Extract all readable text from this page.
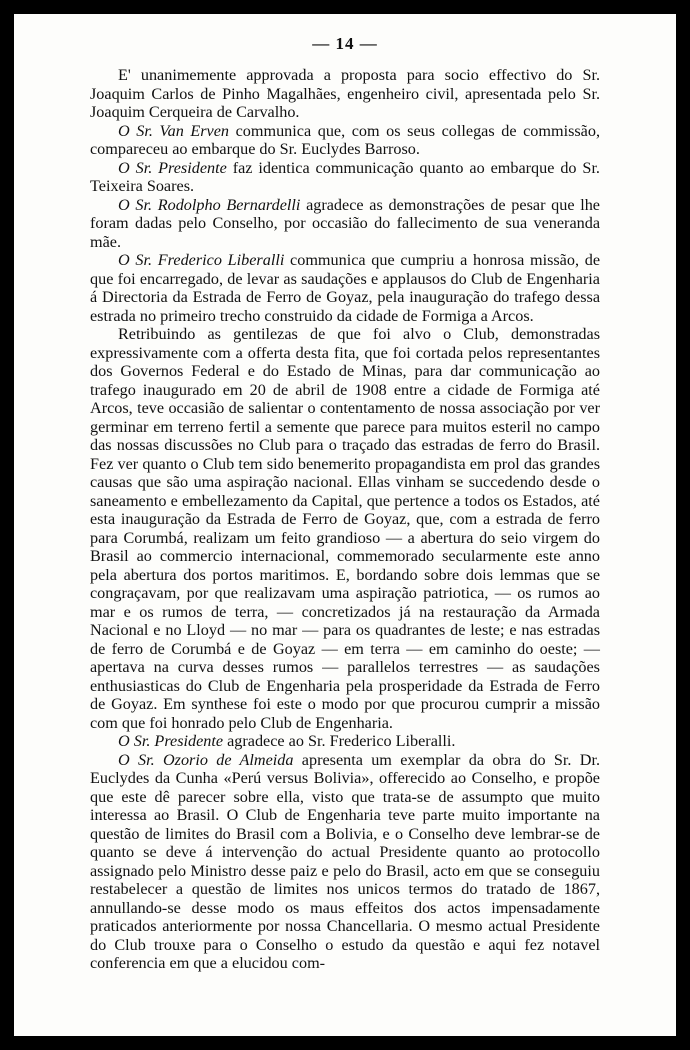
— 14 —

E' unanimemente approvada a proposta para socio effectivo do Sr. Joaquim Carlos de Pinho Magalhães, engenheiro civil, apresentada pelo Sr. Joaquim Cerqueira de Carvalho.

O Sr. Van Erven communica que, com os seus collegas de commissão, compareceu ao embarque do Sr. Euclydes Barroso.

O Sr. Presidente faz identica communicação quanto ao embarque do Sr. Teixeira Soares.

O Sr. Rodolpho Bernardelli agradece as demonstrações de pesar que lhe foram dadas pelo Conselho, por occasião do fallecimento de sua veneranda mãe.

O Sr. Frederico Liberalli communica que cumpriu a honrosa missão, de que foi encarregado, de levar as saudações e applausos do Club de Engenharia á Directoria da Estrada de Ferro de Goyaz, pela inauguração do trafego dessa estrada no primeiro trecho construido da cidade de Formiga a Arcos.

Retribuindo as gentilezas de que foi alvo o Club, demonstradas expressivamente com a offerta desta fita, que foi cortada pelos representantes dos Governos Federal e do Estado de Minas, para dar communicação ao trafego inaugurado em 20 de abril de 1908 entre a cidade de Formiga até Arcos, teve occasião de salientar o contentamento de nossa associação por ver germinar em terreno fertil a semente que parece para muitos esteril no campo das nossas discussões no Club para o traçado das estradas de ferro do Brasil. Fez ver quanto o Club tem sido benemerito propagandista em prol das grandes causas que são uma aspiração nacional. Ellas vinham se succedendo desde o saneamento e embellezamento da Capital, que pertence a todos os Estados, até esta inauguração da Estrada de Ferro de Goyaz, que, com a estrada de ferro para Corumbá, realizam um feito grandioso — a abertura do seio virgem do Brasil ao commercio internacional, commemorado secularmente este anno pela abertura dos portos maritimos. E, bordando sobre dois lemmas que se congraçavam, por que realizavam uma aspiração patriotica, — os rumos ao mar e os rumos de terra, — concretizados já na restauração da Armada Nacional e no Lloyd — no mar — para os quadrantes de leste; e nas estradas de ferro de Corumbá e de Goyaz — em terra — em caminho do oeste; — apertava na curva desses rumos — parallelos terrestres — as saudações enthusiasticas do Club de Engenharia pela prosperidade da Estrada de Ferro de Goyaz. Em synthese foi este o modo por que procurou cumprir a missão com que foi honrado pelo Club de Engenharia.

O Sr. Presidente agradece ao Sr. Frederico Liberalli.

O Sr. Ozorio de Almeida apresenta um exemplar da obra do Sr. Dr. Euclydes da Cunha «Perú versus Bolivia», offerecido ao Conselho, e propõe que este dê parecer sobre ella, visto que trata-se de assumpto que muito interessa ao Brasil. O Club de Engenharia teve parte muito importante na questão de limites do Brasil com a Bolivia, e o Conselho deve lembrar-se de quanto se deve á intervenção do actual Presidente quanto ao protocollo assignado pelo Ministro desse paiz e pelo do Brasil, acto em que se conseguiu restabelecer a questão de limites nos unicos termos do tratado de 1867, annullando-se desse modo os maus effeitos dos actos impensadamente praticados anteriormente por nossa Chancellaria. O mesmo actual Presidente do Club trouxe para o Conselho o estudo da questão e aqui fez notavel conferencia em que a elucidou com-
